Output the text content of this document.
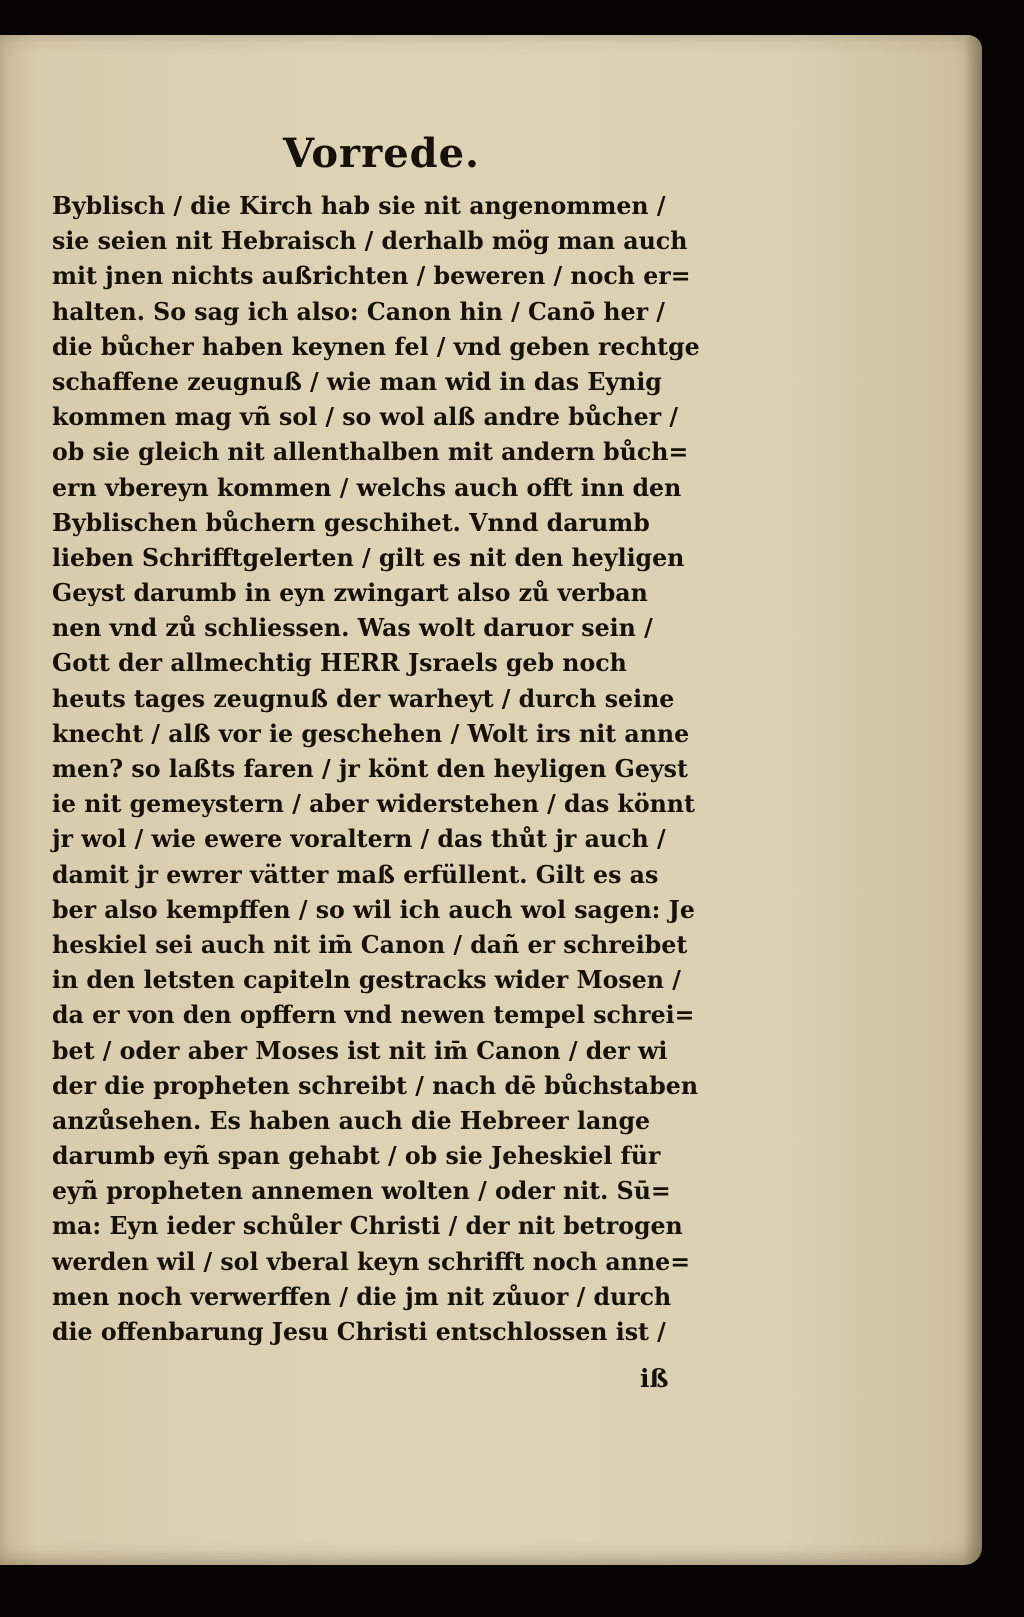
Vorrede.
Byblisch / die Kirch hab sie nit angenommen /
sie seien nit Hebraisch / derhalb mög man auch
mit jnen nichts außrichten / beweren / noch er=
halten. So sag ich also: Canon hin / Canō her /
die bůcher haben keynen fel / vnd geben rechtge
schaffene zeugnuß / wie man wid in das Eynig
kommen mag vñ sol / so wol alß andre bůcher /
ob sie gleich nit allenthalben mit andern bůch=
ern vbereyn kommen / welchs auch offt inn den
Byblischen bůchern geschihet. Vnnd darumb
lieben Schrifftgelerten / gilt es nit den heyligen
Geyst darumb in eyn zwingart also zů verban
nen vnd zů schliessen. Was wolt daruor sein /
Gott der allmechtig HERR Jsraels geb noch
heuts tages zeugnuß der warheyt / durch seine
knecht / alß vor ie geschehen / Wolt irs nit anne
men? so laßts faren / jr könt den heyligen Geyst
ie nit gemeystern / aber widerstehen / das könnt
jr wol / wie ewere voraltern / das thůt jr auch /
damit jr ewrer vätter maß erfüllent. Gilt es as
ber also kempffen / so wil ich auch wol sagen: Je
heskiel sei auch nit im̄ Canon / dañ er schreibet
in den letsten capiteln gestracks wider Mosen /
da er von den opffern vnd newen tempel schrei=
bet / oder aber Moses ist nit im̄ Canon / der wi
der die propheten schreibt / nach dē bůchstaben
anzůsehen. Es haben auch die Hebreer lange
darumb eyñ span gehabt / ob sie Jeheskiel für
eyñ propheten annemen wolten / oder nit. Sū=
ma: Eyn ieder schůler Christi / der nit betrogen
werden wil / sol vberal keyn schrifft noch anne=
men noch verwerffen / die jm nit zůuor / durch
die offenbarung Jesu Christi entschlossen ist /
iß
